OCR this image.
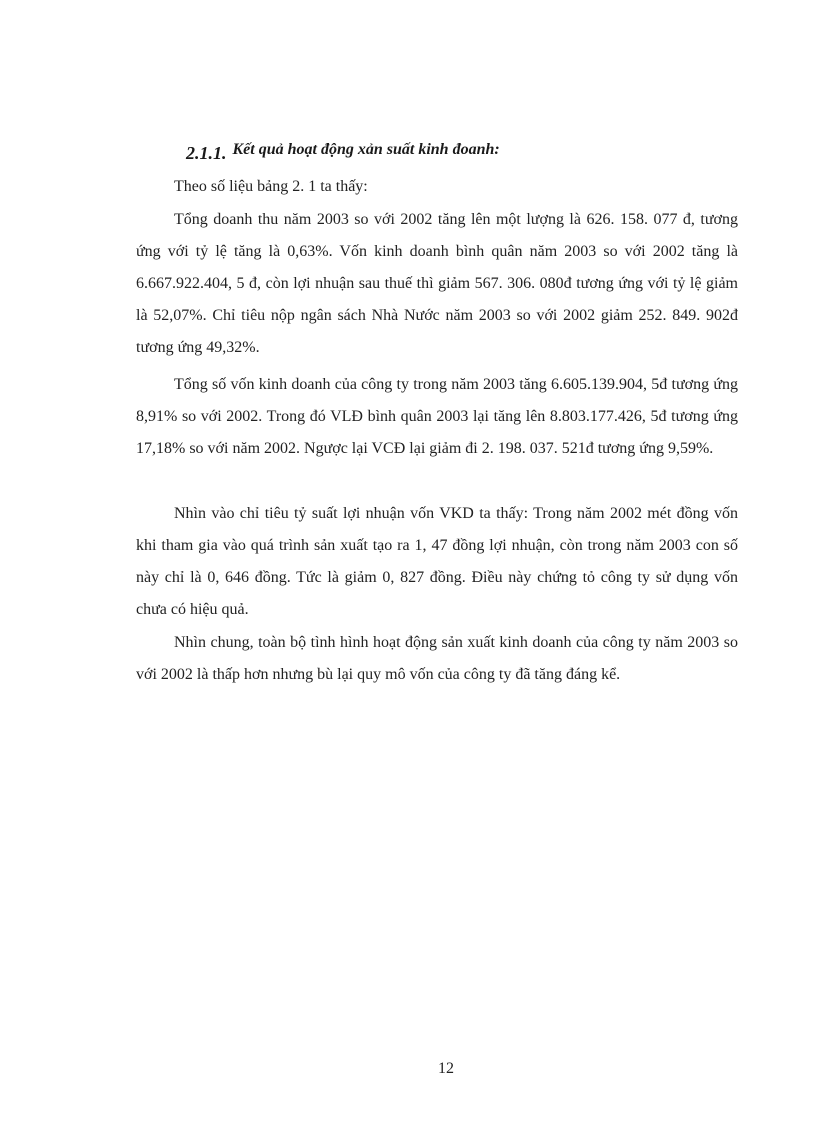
2.1.1. Kết quả hoạt động xản suất kinh đoanh:

Theo số liệu bảng 2. 1 ta thấy:

Tổng doanh thu năm 2003 so với 2002 tăng lên một lượng là 626. 158. 077 đ, tương ứng với tỷ lệ tăng là 0,63%. Vốn kinh doanh bình quân năm 2003 so với 2002 tăng là 6.667.922.404, 5 đ, còn lợi nhuận sau thuế thì giảm 567. 306. 080đ tương ứng với tỷ lệ giảm là 52,07%. Chỉ tiêu nộp ngân sách Nhà Nước năm 2003 so với 2002 giảm 252. 849. 902đ tương ứng 49,32%.

Tổng số vốn kinh doanh của công ty trong năm 2003 tăng 6.605.139.904, 5đ tương ứng 8,91% so với 2002. Trong đó VLĐ bình quân 2003 lại tăng lên 8.803.177.426, 5đ tương ứng 17,18% so với năm 2002. Ngược lại VCĐ lại giảm đi 2. 198. 037. 521đ tương ứng 9,59%.

Nhìn vào chỉ tiêu tỷ suất lợi nhuận vốn VKD ta thấy: Trong năm 2002 mét đồng vốn khi tham gia vào quá trình sản xuất tạo ra 1, 47 đồng lợi nhuận, còn trong năm 2003 con số này chỉ là 0, 646 đồng. Tức là giảm 0, 827 đồng. Điều này chứng tỏ công ty sử dụng vốn chưa có hiệu quả.

Nhìn chung, toàn bộ tình hình hoạt động sản xuất kinh doanh của công ty năm 2003 so với 2002 là thấp hơn nhưng bù lại quy mô vốn của công ty đã tăng đáng kể.

12
